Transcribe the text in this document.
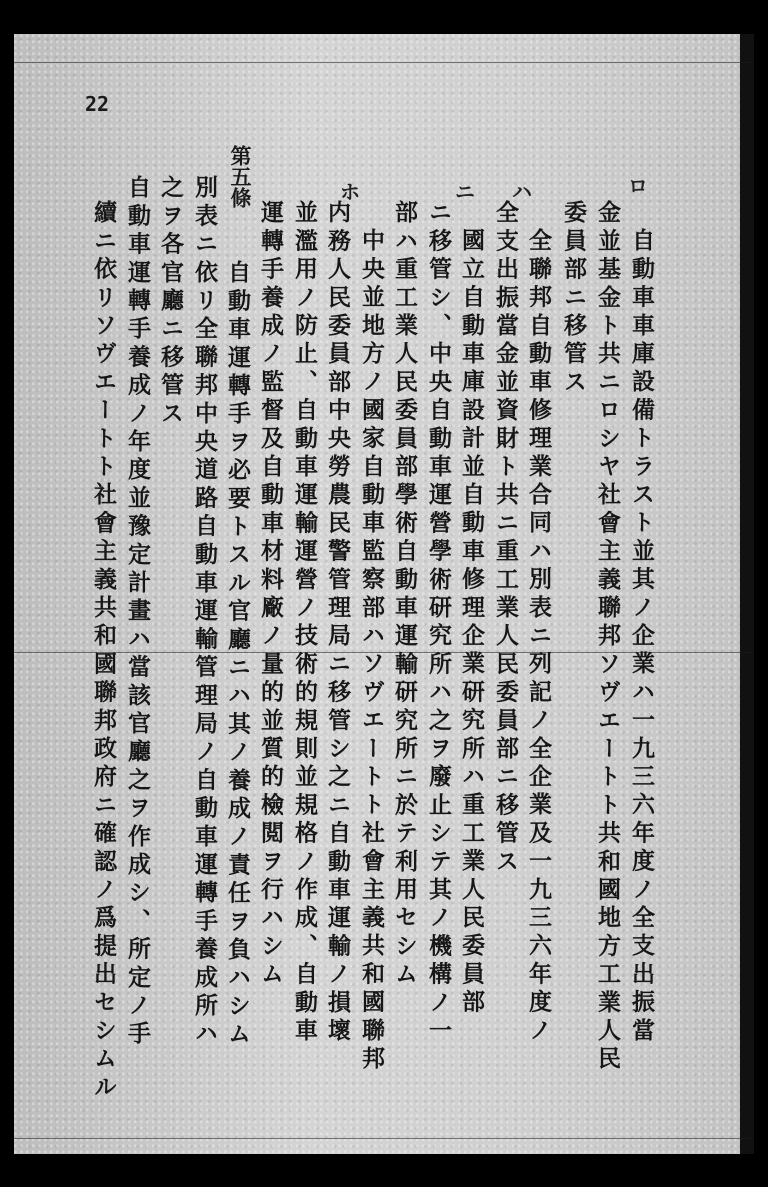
22
ロ
ハ
ニ
ホ
第五條
自動車車庫設備トラスト並其ノ企業ハ一九三六年度ノ全支出振當
金並基金ト共ニロシヤ社會主義聯邦ソヴエートト共和國地方工業人民
委員部ニ移管ス
全聯邦自動車修理業合同ハ別表ニ列記ノ全企業及一九三六年度ノ
全支出振當金並資財ト共ニ重工業人民委員部ニ移管ス
國立自動車庫設計並自動車修理企業研究所ハ重工業人民委員部
ニ移管シ、中央自動車運營學術研究所ハ之ヲ廢止シテ其ノ機構ノ一
部ハ重工業人民委員部學術自動車運輸研究所ニ於テ利用セシム
中央並地方ノ國家自動車監察部ハソヴエートト社會主義共和國聯邦
内務人民委員部中央勞農民警管理局ニ移管シ之ニ自動車運輸ノ損壞
並濫用ノ防止、自動車運輸運營ノ技術的規則並規格ノ作成、自動車
運轉手養成ノ監督及自動車材料廠ノ量的並質的檢閲ヲ行ハシム
自動車運轉手ヲ必要トスル官廳ニハ其ノ養成ノ責任ヲ負ハシム
別表ニ依リ全聯邦中央道路自動車運輸管理局ノ自動車運轉手養成所ハ
之ヲ各官廳ニ移管ス
自動車運轉手養成ノ年度並豫定計畫ハ當該官廳之ヲ作成シ、所定ノ手
續ニ依リソヴエートト社會主義共和國聯邦政府ニ確認ノ爲提出セシムル
